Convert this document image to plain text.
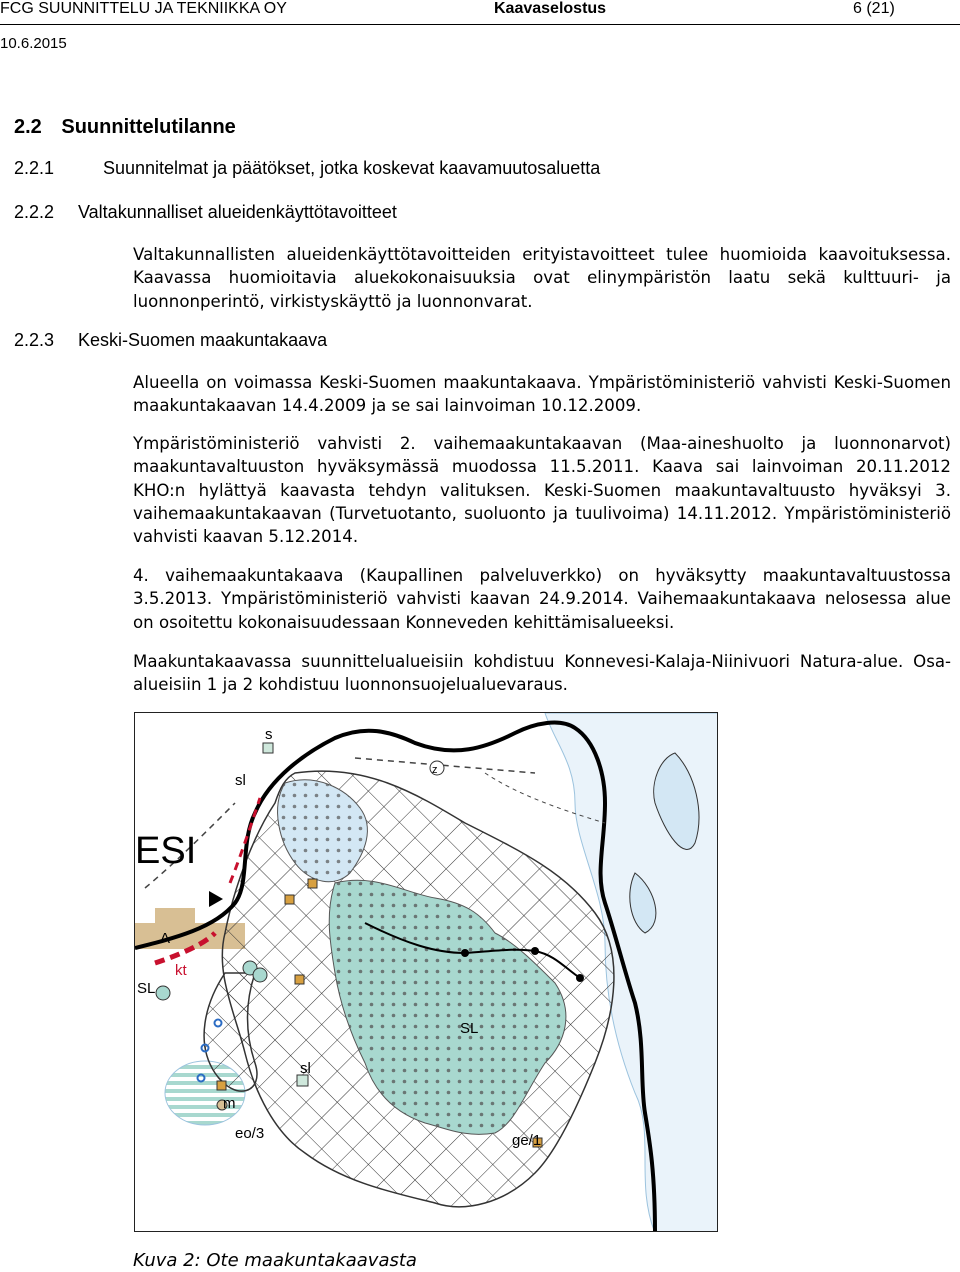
FCG SUUNNITTELU JA TEKNIIKKA OY	Kaavaselostus	6 (21)
10.6.2015
2.2 Suunnittelutilanne
2.2.1	Suunnitelmat ja päätökset, jotka koskevat kaavamuutosaluetta
2.2.2 Valtakunnalliset alueidenkäyttötavoitteet
Valtakunnallisten alueidenkäyttötavoitteiden erityistavoitteet tulee huomioida kaavoituksessa. Kaavassa huomioitavia aluekokonaisuuksia ovat elinympäristön laatu sekä kulttuuri- ja luonnonperintö, virkistyskäyttö ja luonnonvarat.
2.2.3 Keski-Suomen maakuntakaava
Alueella on voimassa Keski-Suomen maakuntakaava. Ympäristöministeriö vahvisti Keski-Suomen maakuntakaavan 14.4.2009 ja se sai lainvoiman 10.12.2009.
Ympäristöministeriö vahvisti 2. vaihemaakuntakaavan (Maa-aineshuolto ja luonnonarvot) maakuntavaltuuston hyväksymässä muodossa 11.5.2011. Kaava sai lainvoiman 20.11.2012 KHO:n hylättyä kaavasta tehdyn valituksen. Keski-Suomen maakuntavaltuusto hyväksyi 3. vaihemaakuntakaavan (Turvetuotanto, suoluonto ja tuulivoima) 14.11.2012. Ympäristöministeriö vahvisti kaavan 5.12.2014.
4. vaihemaakuntakaava (Kaupallinen palveluverkko) on hyväksytty maakuntavaltuustossa 3.5.2013. Ympäristöministeriö vahvisti kaavan 24.9.2014. Vaihemaakuntakaava nelosessa alue on osoitettu kokonaisuudessaan Konneveden kehittämisalueeksi.
Maakuntakaavassa suunnittelualueisiin kohdistuu Konnevesi-Kalaja-Niinivuori Natura-alue. Osa-alueisiin 1 ja 2 kohdistuu luonnonsuojelualuevaraus.
s
sl
ESI
A
kt
SL
SL
sl
m
eo/3	ge/1
z
Kuva 2: Ote maakuntakaavasta
